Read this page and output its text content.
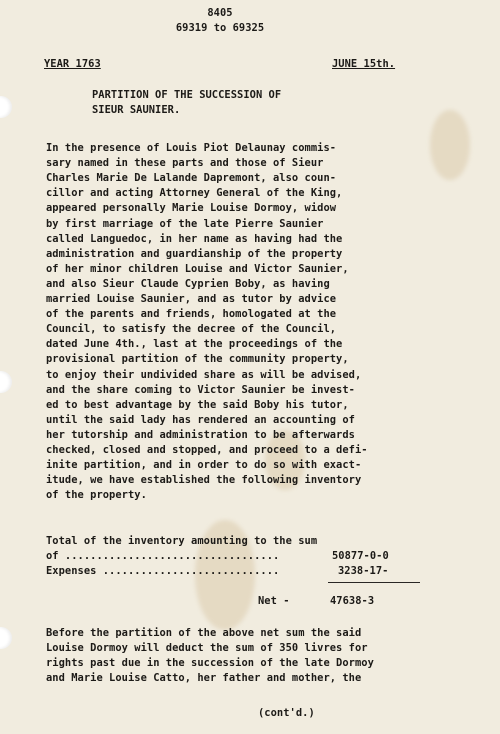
8405
69319 to 69325
YEAR 1763	JUNE 15th.
PARTITION OF THE SUCCESSION OF
SIEUR SAUNIER.
In the presence of Louis Piot Delaunay commis-
sary named in these parts and those of Sieur
Charles Marie De Lalande Dapremont, also coun-
cillor and acting Attorney General of the King,
appeared personally Marie Louise Dormoy, widow
by first marriage of the late Pierre Saunier
called Languedoc, in her name as having had the
administration and guardianship of the property
of her minor children Louise and Victor Saunier,
and also Sieur Claude Cyprien Boby, as having
married Louise Saunier, and as tutor by advice
of the parents and friends, homologated at the
Council, to satisfy the decree of the Council,
dated June 4th., last at the proceedings of the
provisional partition of the community property,
to enjoy their undivided share as will be advised,
and the share coming to Victor Saunier be invest-
ed to best advantage by the said Boby his tutor,
until the said lady has rendered an accounting of
her tutorship and administration to be afterwards
checked, closed and stopped, and proceed to a defi-
inite partition, and in order to do so with exact-
itude, we have established the following inventory
of the property.
Total of the inventory amounting to the sum
of ..................................	50877-0-0
Expenses ............................	3238-17-
Net -	47638-3
Before the partition of the above net sum the said
Louise Dormoy will deduct the sum of 350 livres for
rights past due in the succession of the late Dormoy
and Marie Louise Catto, her father and mother, the
(cont'd.)
